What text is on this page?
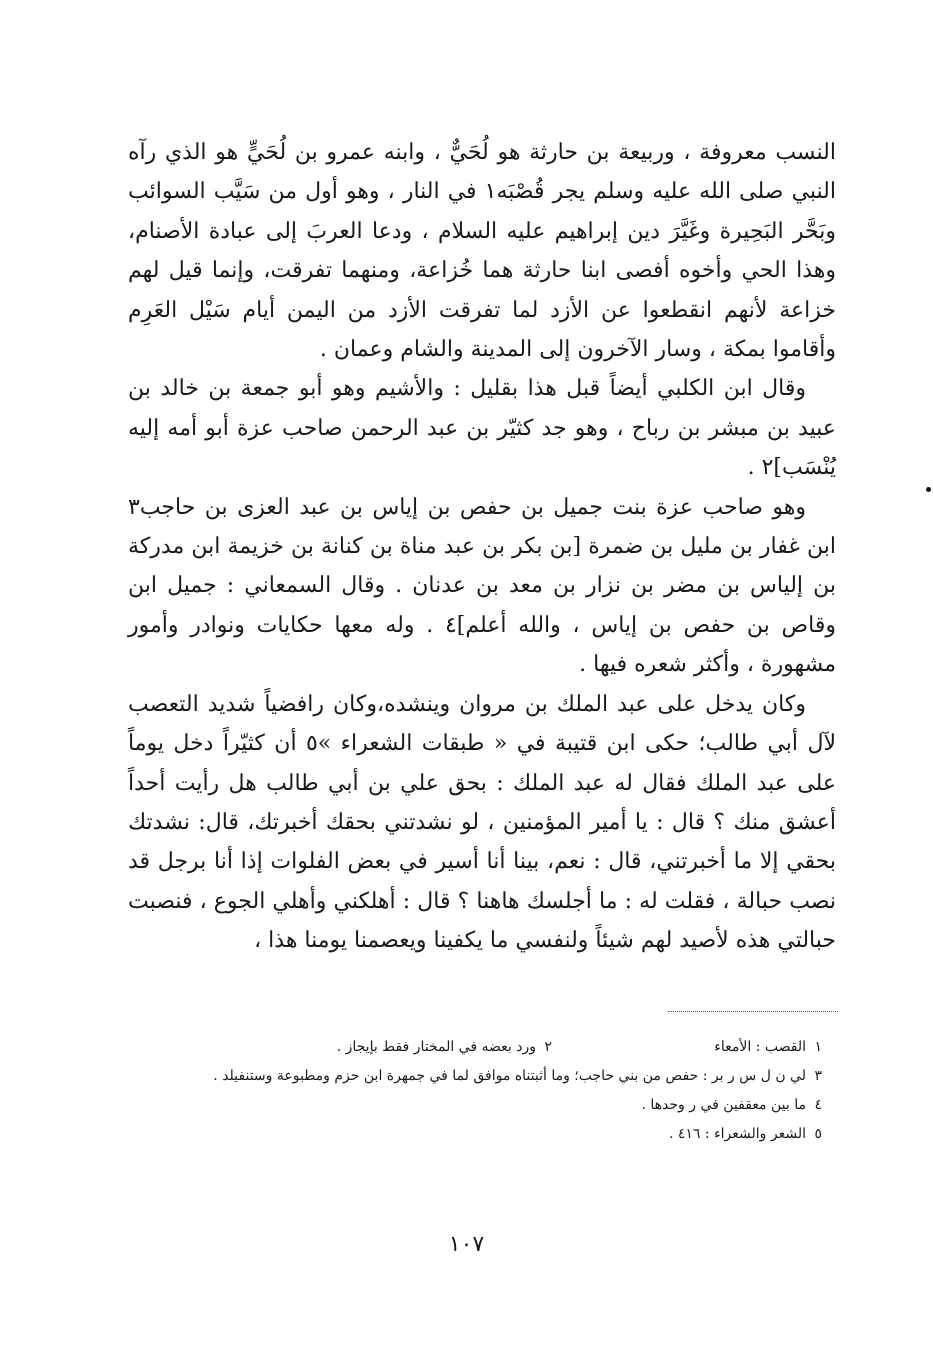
النسب معروفة ، وربيعة بن حارثة هو لُحَيٌّ ، وابنه عمرو بن لُحَيٍّ هو الذي رآه النبي صلى الله عليه وسلم يجر قُصْبَه١ في النار ، وهو أول من سَيَّب السوائب وبَحَّر البَحِيرة وغَيَّرَ دين إبراهيم عليه السلام ، ودعا العربَ إلى عبادة الأصنام، وهذا الحي وأخوه أفصى ابنا حارثة هما خُزاعة، ومنهما تفرقت، وإنما قيل لهم خزاعة لأنهم انقطعوا عن الأزد لما تفرقت الأزد من اليمن أيام سَيْل العَرِم وأقاموا بمكة ، وسار الآخرون إلى المدينة والشام وعمان .

وقال ابن الكلبي أيضاً قبل هذا بقليل : والأشيم وهو أبو جمعة بن خالد بن عبيد بن مبشر بن رباح ، وهو جد كثيّر بن عبد الرحمن صاحب عزة أبو أمه إليه يُنْسَب]٢ .

وهو صاحب عزة بنت جميل بن حفص بن إياس بن عبد العزى بن حاجب٣ ابن غفار بن مليل بن ضمرة [بن بكر بن عبد مناة بن كنانة بن خزيمة ابن مدركة بن إلياس بن مضر بن نزار بن معد بن عدنان . وقال السمعاني : جميل ابن وقاص بن حفص بن إياس ، والله أعلم]٤ . وله معها حكايات ونوادر وأمور مشهورة ، وأكثر شعره فيها .

وكان يدخل على عبد الملك بن مروان وينشده،وكان رافضياً شديد التعصب لآل أبي طالب؛ حكى ابن قتيبة في « طبقات الشعراء »٥ أن كثيّراً دخل يوماً على عبد الملك فقال له عبد الملك : بحق علي بن أبي طالب هل رأيت أحداً أعشق منك ؟ قال : يا أمير المؤمنين ، لو نشدتني بحقك أخبرتك، قال: نشدتك بحقي إلا ما أخبرتني، قال : نعم، بينا أنا أسير في بعض الفلوات إذا أنا برجل قد نصب حبالة ، فقلت له : ما أجلسك هاهنا ؟ قال : أهلكني وأهلي الجوع ، فنصبت حبالتي هذه لأصيد لهم شيئاً ولنفسي ما يكفينا ويعصمنا يومنا هذا ،

١
القصب : الأمعاء
٢
ورد بعضه في المختار فقط بإيجاز .
٣
لي ن ل س ر بر : حفص من بني حاجب؛ وما أثبتناه موافق لما في جمهرة ابن حزم ومطبوعة وستنفيلد .
٤
ما بين معقفين في ر وحدها .
٥
الشعر والشعراء : ٤١٦ .
١٠٧
